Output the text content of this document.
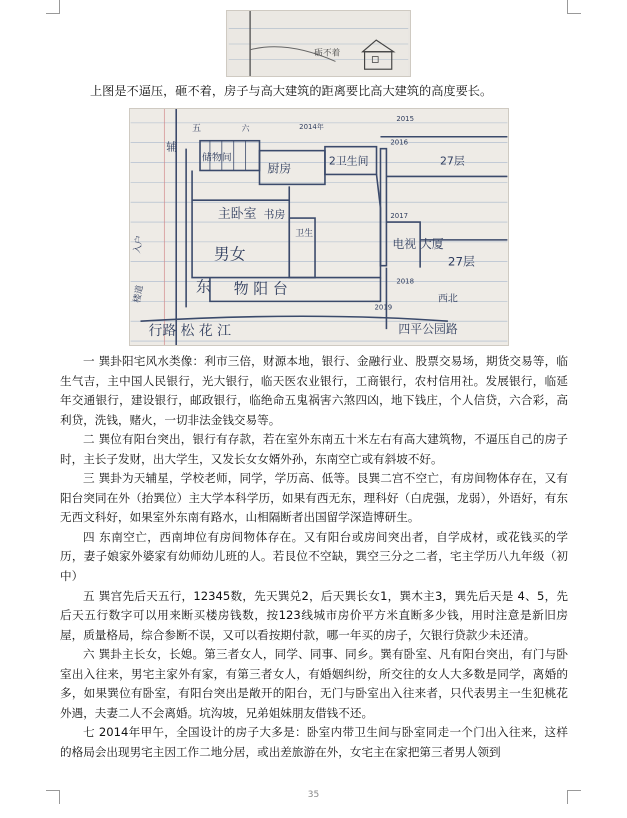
砺不着
上图是不逼压，砸不着，房子与高大建筑的距离要比高大建筑的高度要长。
六	2014年
2015
2016
27层
五
辅
储物间
厨房
2卫生间
主卧室 书房
卫生
男女
东 物 阳 台
2017
电视 大厦
27层
2018
2019
西北
行路 松 花 江	四平公园路
入户
楼道

一 巽卦阳宅风水类像：利市三倍，财源本地，银行、金融行业、股票交易场，期货交易等，临生气吉，主中国人民银行，光大银行，临天医农业银行，工商银行，农村信用社。发展银行，临延年交通银行，建设银行，邮政银行，临绝命五鬼祸害六煞四凶，地下钱庄，个人信贷，六合彩，高利贷，洗钱，赌火，一切非法金钱交易等。

二 巽位有阳台突出，银行有存款，若在室外东南五十米左右有高大建筑物，不逼压自己的房子时，主长子发财，出大学生，又发长女女婿外孙，东南空亡或有斜坡不好。

三 巽卦为天辅星，学校老师，同学，学历高、低等。艮巽二宫不空亡，有房间物体存在，又有阳台突同在外（抬巽位）主大学本科学历，如果有西无东，理科好（白虎强，龙弱），外语好，有东无西文科好，如果室外东南有路水，山相隔断者出国留学深造博研生。

四 东南空亡，西南坤位有房间物体存在。又有阳台或房间突出者，自学成材，或花钱买的学历，妻子娘家外婆家有幼师幼儿班的人。若艮位不空缺，巽空三分之二者，宅主学历八九年级（初中）

五 巽宫先后天五行，12345数，先天巽兑2，后天巽长女1，巽木主3，巽先后天是 4、5，先后天五行数字可以用来断买楼房钱数，按123线城市房价平方米直断多少钱，用时注意是新旧房屋，质量格局，综合参断不误，又可以看按期付款，哪一年买的房子，欠银行贷款少未还清。

六 巽卦主长女，长媳。第三者女人，同学、同事、同乡。巽有卧室、凡有阳台突出，有门与卧室出入往来，男宅主家外有家，有第三者女人，有婚姻纠纷，所交往的女人大多数是同学，离婚的多，如果巽位有卧室，有阳台突出是敞开的阳台，无门与卧室出入往来者，只代表男主一生犯桃花外遇，夫妻二人不会离婚。坑沟坡，兄弟姐妹朋友借钱不还。

七 2014年甲午，全国设计的房子大多是：卧室内带卫生间与卧室同走一个门出入往来，这样的格局会出现男宅主因工作二地分居，或出差旅游在外，女宅主在家把第三者男人领到

35
